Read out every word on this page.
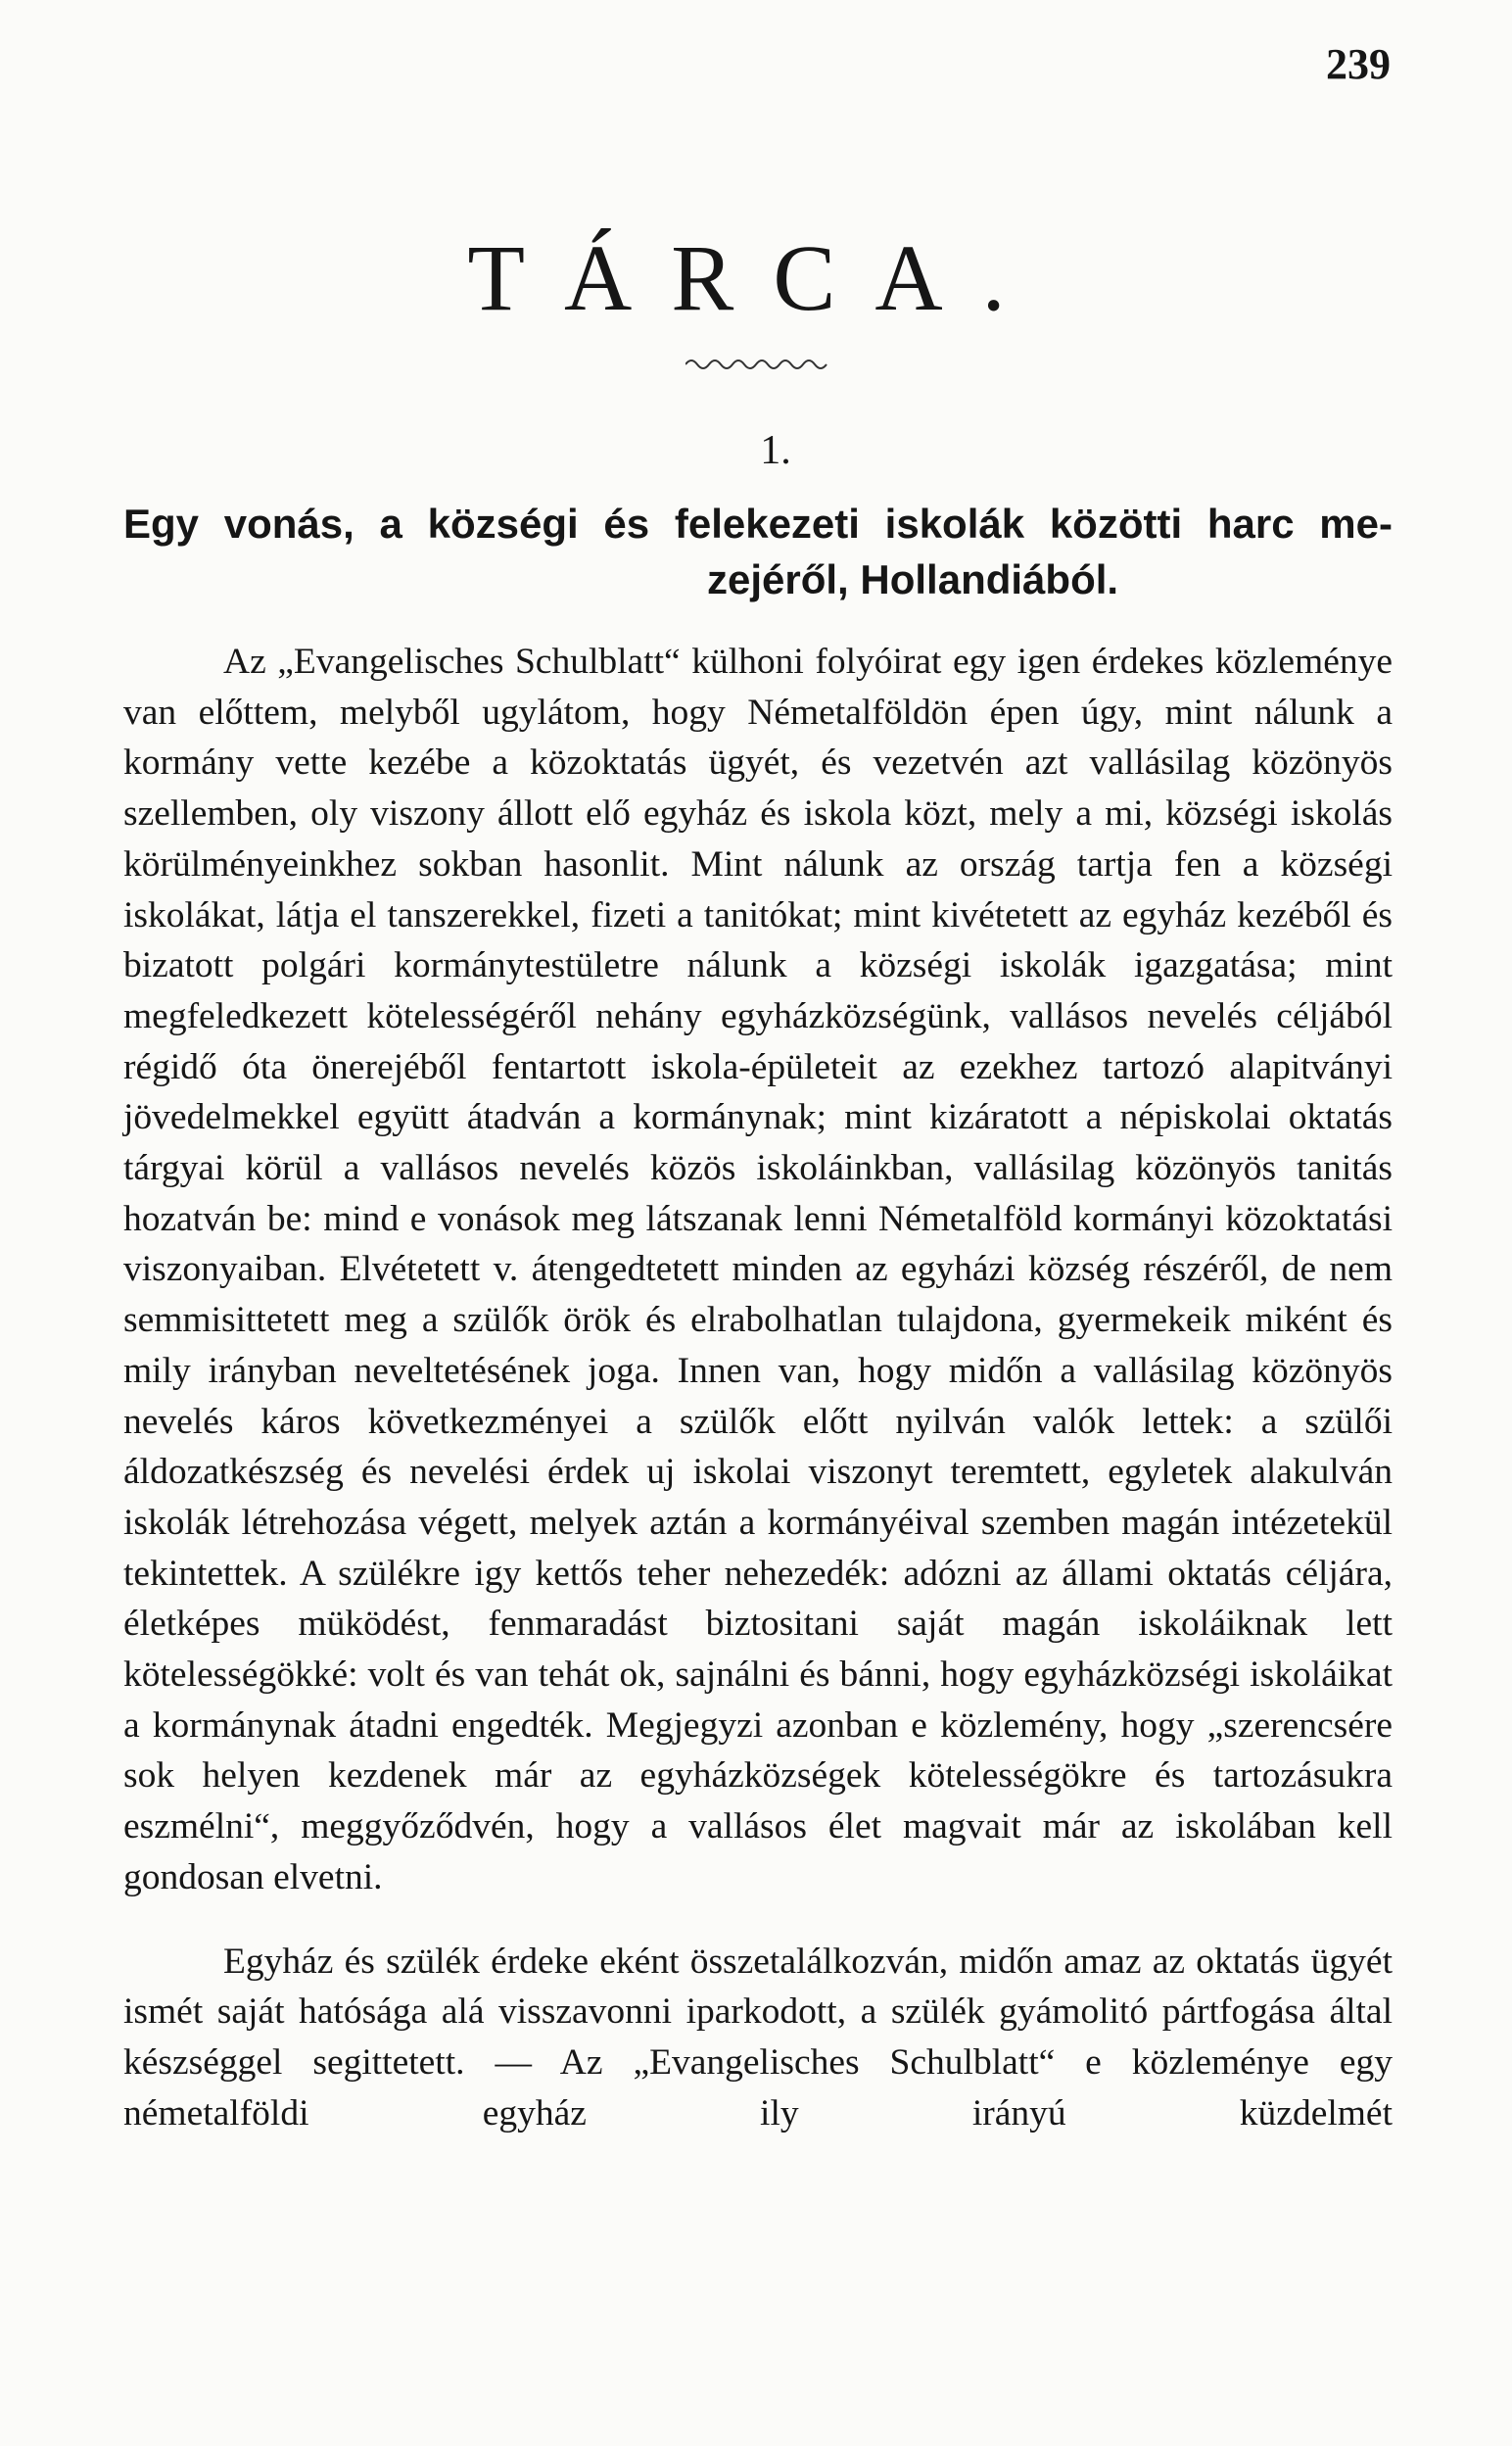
239
TÁRCA.
1.
Egy vonás, a községi és felekezeti iskolák közötti harc me-
zejéről, Hollandiából.

Az „Evangelisches Schulblatt“ külhoni folyóirat egy igen érdekes közleménye van előttem, melyből ugylátom, hogy Németalföldön épen úgy, mint nálunk a kormány vette kezébe a közoktatás ügyét, és vezetvén azt vallásilag közönyös szellemben, oly viszony állott elő egyház és iskola közt, mely a mi, községi iskolás körülményeinkhez sokban hasonlit. Mint nálunk az ország tartja fen a községi iskolákat, látja el tanszerekkel, fizeti a tanitókat; mint kivétetett az egyház kezéből és bizatott polgári kormánytestületre nálunk a községi iskolák igazgatása; mint megfeledkezett kötelességéről nehány egyházközségünk, vallásos nevelés céljából régidő óta önerejéből fentartott iskola-épületeit az ezekhez tartozó alapitványi jövedelmekkel együtt átadván a kormánynak; mint kizáratott a népiskolai oktatás tárgyai körül a vallásos nevelés közös iskoláinkban, vallásilag közönyös tanitás hozatván be: mind e vonások meg látszanak lenni Németalföld kormányi közoktatási viszonyaiban. Elvétetett v. átengedtetett minden az egyházi község részéről, de nem semmisittetett meg a szülők örök és elrabolhatlan tulajdona, gyermekeik miként és mily irányban neveltetésének joga. Innen van, hogy midőn a vallásilag közönyös nevelés káros következményei a szülők előtt nyilván valók lettek: a szülői áldozatkészség és nevelési érdek uj iskolai viszonyt teremtett, egyletek alakulván iskolák létrehozása végett, melyek aztán a kormányéival szemben magán intézetekül tekintettek. A szülékre igy kettős teher nehezedék: adózni az állami oktatás céljára, életképes müködést, fenmaradást biztositani saját magán iskoláiknak lett kötelességökké: volt és van tehát ok, sajnálni és bánni, hogy egyházközségi iskoláikat a kormánynak átadni engedték. Megjegyzi azonban e közlemény, hogy „szerencsére sok helyen kezdenek már az egyházközségek kötelességökre és tartozásukra eszmélni“, meggyőződvén, hogy a vallásos élet magvait már az iskolában kell gondosan elvetni.

Egyház és szülék érdeke eként összetalálkozván, midőn amaz az oktatás ügyét ismét saját hatósága alá visszavonni iparkodott, a szülék gyámolitó pártfogása által készséggel segittetett. — Az „Evangelisches Schulblatt“ e közleménye egy németalföldi egyház ily irányú küzdelmét
